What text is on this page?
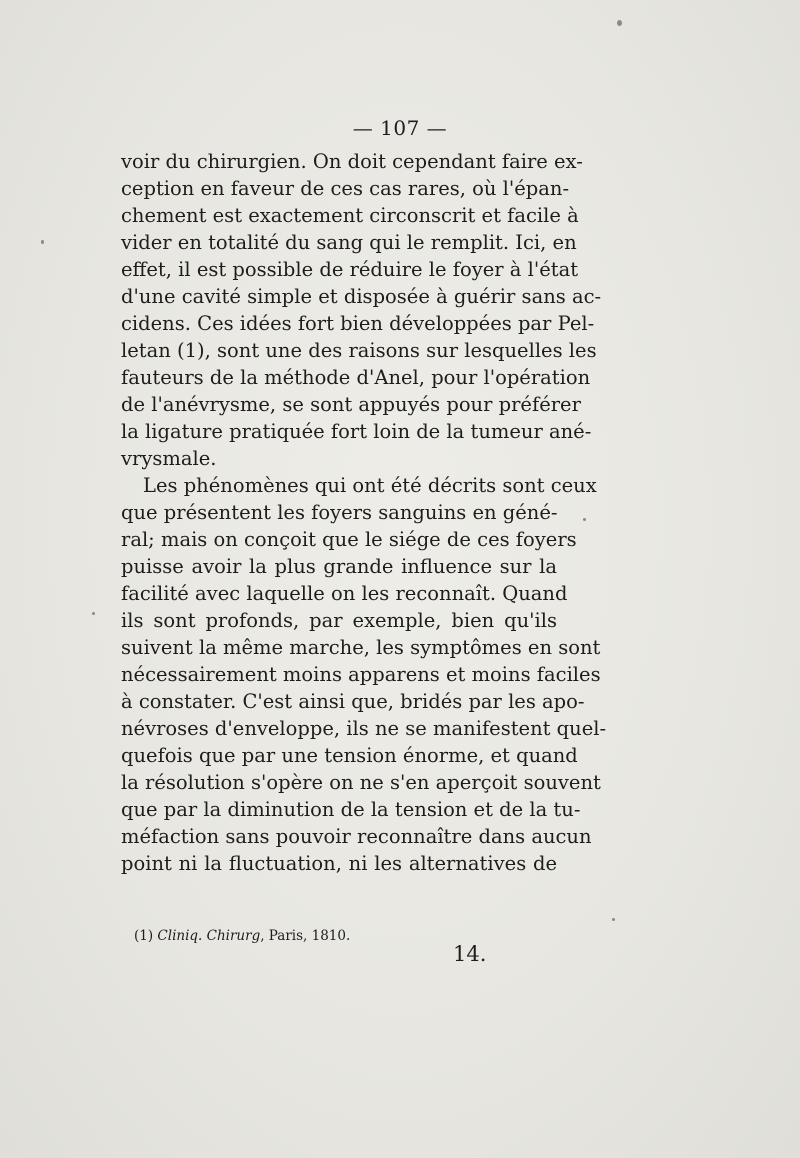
— 107 —
voir du chirurgien. On doit cependant faire ex-
ception en faveur de ces cas rares, où l'épan-
chement est exactement circonscrit et facile à
vider en totalité du sang qui le remplit. Ici, en
effet, il est possible de réduire le foyer à l'état
d'une cavité simple et disposée à guérir sans ac-
cidens. Ces idées fort bien développées par Pel-
letan (1), sont une des raisons sur lesquelles les
fauteurs de la méthode d'Anel, pour l'opération
de l'anévrysme, se sont appuyés pour préférer
la ligature pratiquée fort loin de la tumeur ané-
vrysmale.
Les phénomènes qui ont été décrits sont ceux
que présentent les foyers sanguins en géné-
ral; mais on conçoit que le siége de ces foyers
puisse avoir la plus grande influence sur la
facilité avec laquelle on les reconnaît. Quand
ils sont profonds, par exemple, bien qu'ils
suivent la même marche, les symptômes en sont
nécessairement moins apparens et moins faciles
à constater. C'est ainsi que, bridés par les apo-
névroses d'enveloppe, ils ne se manifestent quel-
quefois que par une tension énorme, et quand
la résolution s'opère on ne s'en aperçoit souvent
que par la diminution de la tension et de la tu-
méfaction sans pouvoir reconnaître dans aucun
point ni la fluctuation, ni les alternatives de
(1) Cliniq. Chirurg, Paris, 1810.
14.
